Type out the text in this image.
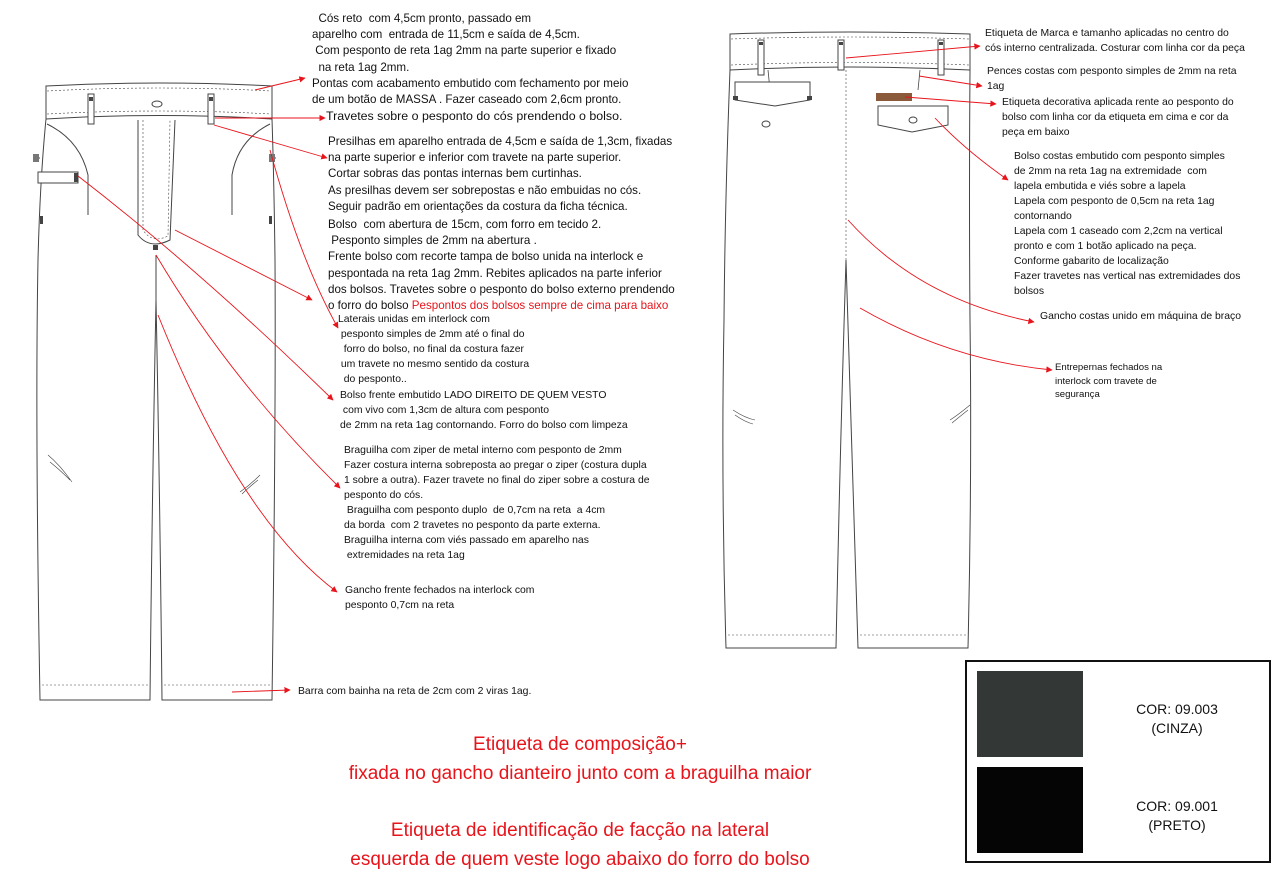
Cós reto  com 4,5cm pronto, passado em
aparelho com  entrada de 11,5cm e saída de 4,5cm.
Com pesponto de reta 1ag 2mm na parte superior e fixado
na reta 1ag 2mm.
Pontas com acabamento embutido com fechamento por meio
de um botão de MASSA . Fazer caseado com 2,6cm pronto.
Travetes sobre o pesponto do cós prendendo o bolso.
Presilhas em aparelho entrada de 4,5cm e saída de 1,3cm, fixadas
na parte superior e inferior com travete na parte superior.
Cortar sobras das pontas internas bem curtinhas.
As presilhas devem ser sobrepostas e não embuidas no cós.
Seguir padrão em orientações da costura da ficha técnica.
Bolso  com abertura de 15cm, com forro em tecido 2.
Pesponto simples de 2mm na abertura .
Frente bolso com recorte tampa de bolso unida na interlock e
pespontada na reta 1ag 2mm. Rebites aplicados na parte inferior
dos bolsos. Travetes sobre o pesponto do bolso externo prendendo
o forro do bolso Pespontos dos bolsos sempre de cima para baixo
Laterais unidas em interlock com
pesponto simples de 2mm até o final do
forro do bolso, no final da costura fazer
um travete no mesmo sentido da costura
do pesponto..
Bolso frente embutido LADO DIREITO DE QUEM VESTO
com vivo com 1,3cm de altura com pesponto
de 2mm na reta 1ag contornando. Forro do bolso com limpeza
Braguilha com ziper de metal interno com pesponto de 2mm
Fazer costura interna sobreposta ao pregar o ziper (costura dupla
1 sobre a outra). Fazer travete no final do ziper sobre a costura de
pesponto do cós.
Braguilha com pesponto duplo  de 0,7cm na reta  a 4cm
da borda  com 2 travetes no pesponto da parte externa.
Braguilha interna com viés passado em aparelho nas
extremidades na reta 1ag
Gancho frente fechados na interlock com
pesponto 0,7cm na reta
Barra com bainha na reta de 2cm com 2 viras 1ag.
Etiqueta de Marca e tamanho aplicadas no centro do
cós interno centralizada. Costurar com linha cor da peça
Pences costas com pesponto simples de 2mm na reta
1ag
Etiqueta decorativa aplicada rente ao pesponto do
bolso com linha cor da etiqueta em cima e cor da
peça em baixo
Bolso costas embutido com pesponto simples
de 2mm na reta 1ag na extremidade  com
lapela embutida e viés sobre a lapela
Lapela com pesponto de 0,5cm na reta 1ag
contornando
Lapela com 1 caseado com 2,2cm na vertical
pronto e com 1 botão aplicado na peça.
Conforme gabarito de localização
Fazer travetes nas vertical nas extremidades dos
bolsos
Gancho costas unido em máquina de braço
Entrepernas fechados na
interlock com travete de
segurança
Etiqueta de composição+
fixada no gancho dianteiro junto com a braguilha maior
Etiqueta de identificação de facção na lateral
esquerda de quem veste logo abaixo do forro do bolso
COR: 09.003
(CINZA)
COR: 09.001
(PRETO)
